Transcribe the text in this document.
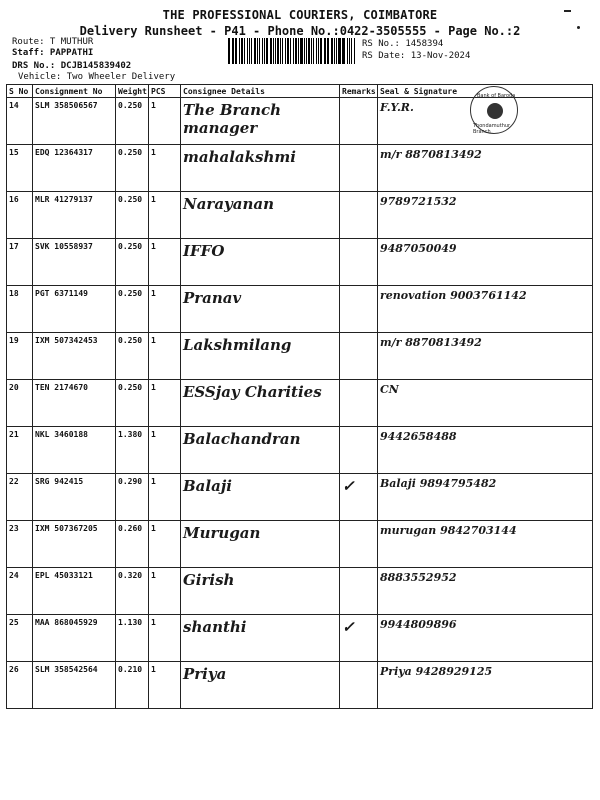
THE PROFESSIONAL COURIERS, COIMBATORE
Delivery Runsheet - P41 - Phone No.:0422-3505555 - Page No.:2
Route: T MUTHUR
Staff: PAPPATHI
DRS No.: DCJB145839402
Vehicle: Two Wheeler Delivery
RS No.: 1458394
RS Date: 13-Nov-2024
S No	Consignment No	Weight	PCS	Consignee Details	Remarks	Seal & Signature
14	SLM 358506567	0.250	1	The Branch manager		F.Y.R.
15	EDQ 12364317	0.250	1	mahalakshmi		m/r 8870813492
16	MLR 41279137	0.250	1	Narayanan		9789721532
17	SVK 10558937	0.250	1	IFFO		9487050049
18	PGT 6371149	0.250	1	Pranav		renovation 9003761142
19	IXM 507342453	0.250	1	Lakshmilang		m/r 8870813492
20	TEN 2174670	0.250	1	ESSjay Charities		CN
21	NKL 3460188	1.380	1	Balachandran		9442658488
22	SRG 942415	0.290	1	Balaji	✓	Balaji 9894795482
23	IXM 507367205	0.260	1	Murugan		murugan 9842703144
24	EPL 45033121	0.320	1	Girish		8883552952
25	MAA 868045929	1.130	1	shanthi	✓	9944809896
26	SLM 358542564	0.210	1	Priya		Priya 9428929125
Bank of Baroda
Thondamuthur Branch
